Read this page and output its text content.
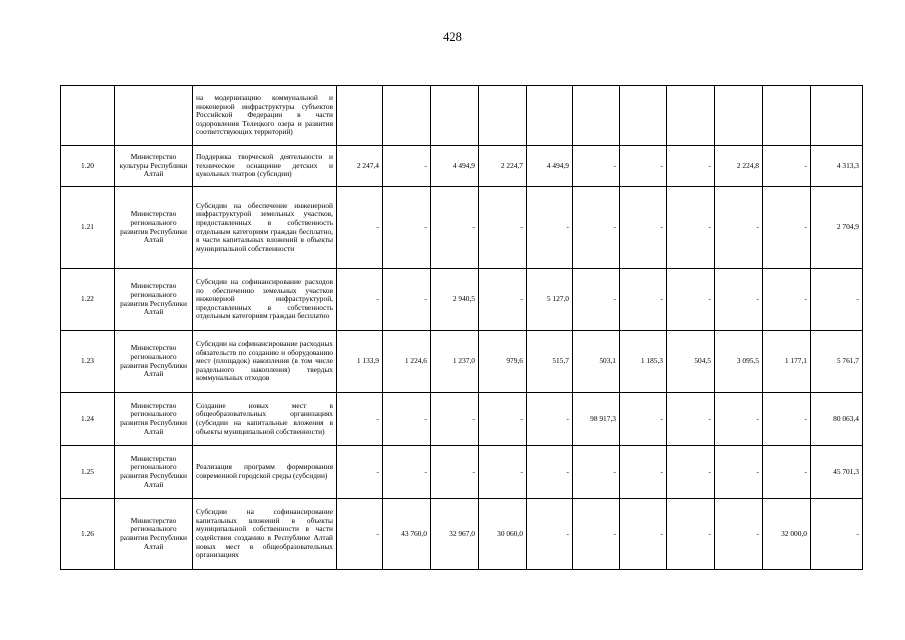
428
		на модернизацию коммунальной и инженерной инфраструктуры субъектов Российской Федерации в части оздоровления Телецкого озера и развития соответствующих территорий)											
1.20	Министерство культуры Республики Алтай	Поддержка творческой деятельности и техническое оснащение детских и кукольных театров (субсидии)	2 247,4	-	4 494,9	2 224,7	4 494,9	-	-	-	2 224,8	-	4 313,3
1.21	Министерство регионального развития Республики Алтай	Субсидии на обеспечение инженерной инфраструктурой земельных участков, предоставленных в собственность отдельным категориям граждан бесплатно, в части капитальных вложений в объекты муниципальной собственности	-	-	-	-	-	-	-	-	-	-	2 704,9
1.22	Министерство регионального развития Республики Алтай	Субсидии на софинансирование расходов по обеспечению земельных участков инженерной инфраструктурой, предоставленных в собственность отдельным категориям граждан бесплатно	-	-	2 940,5	-	5 127,0	-	-	-	-	-	-
1.23	Министерство регионального развития Республики Алтай	Субсидии на софинансирование расходных обязательств по созданию и оборудованию мест (площадок) накопления (в том числе раздельного накопления) твердых коммунальных отходов	1 133,9	1 224,6	1 237,0	979,6	515,7	503,1	1 185,3	504,5	3 095,5	1 177,1	5 761,7
1.24	Министерство регионального развития Республики Алтай	Создание новых мест в общеобразовательных организациях (субсидии на капитальные вложения в объекты муниципальной собственности)	-	-	-	-	-	98 917,3	-	-	-	-	80 063,4
1.25	Министерство регионального развития Республики Алтай	Реализация программ формирования современной городской среды (субсидии)	-	-	-	-	-	-	-	-	-	-	45 701,3
1.26	Министерство регионального развития Республики Алтай	Субсидии на софинансирование капитальных вложений в объекты муниципальной собственности в части содействия созданию в Республике Алтай новых мест в общеобразовательных организациях	-	43 760,0	32 967,0	30 060,0	-	-	-	-	-	32 000,0	-
